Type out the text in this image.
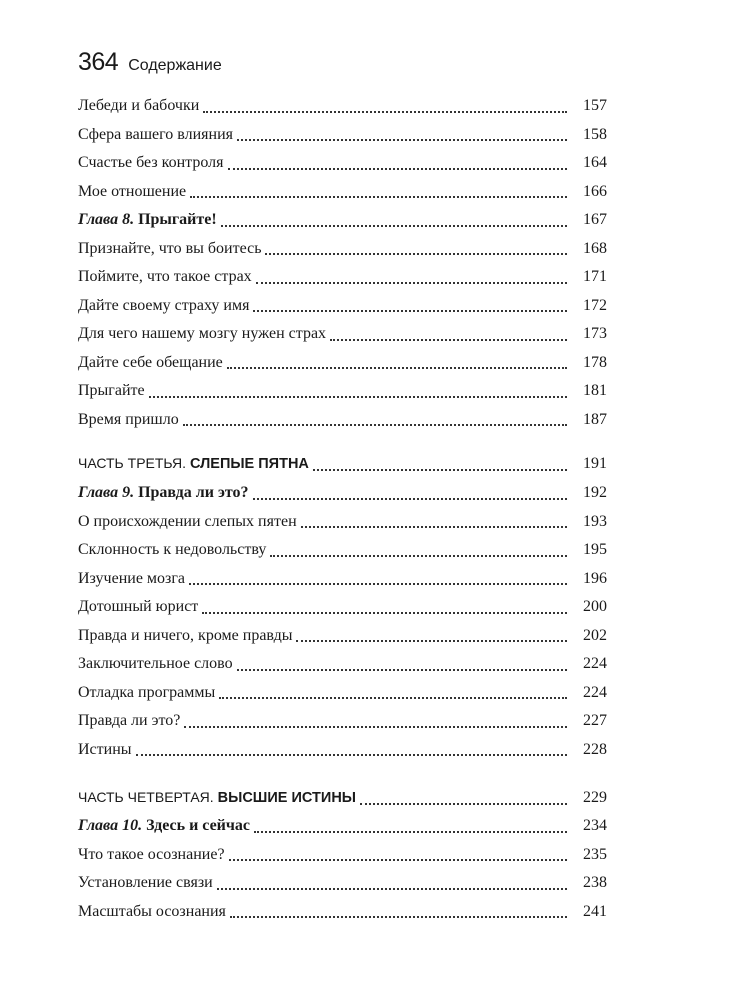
364 Содержание
Лебеди и бабочки	157
Сфера вашего влияния	158
Счастье без контроля	164
Мое отношение	166
Глава 8. Прыгайте!	167
Признайте, что вы боитесь	168
Поймите, что такое страх	171
Дайте своему страху имя	172
Для чего нашему мозгу нужен страх	173
Дайте себе обещание	178
Прыгайте	181
Время пришло	187
ЧАСТЬ ТРЕТЬЯ. СЛЕПЫЕ ПЯТНА	191
Глава 9. Правда ли это?	192
О происхождении слепых пятен	193
Склонность к недовольству	195
Изучение мозга	196
Дотошный юрист	200
Правда и ничего, кроме правды	202
Заключительное слово	224
Отладка программы	224
Правда ли это?	227
Истины	228
ЧАСТЬ ЧЕТВЕРТАЯ. ВЫСШИЕ ИСТИНЫ	229
Глава 10. Здесь и сейчас	234
Что такое осознание?	235
Установление связи	238
Масштабы осознания	241
